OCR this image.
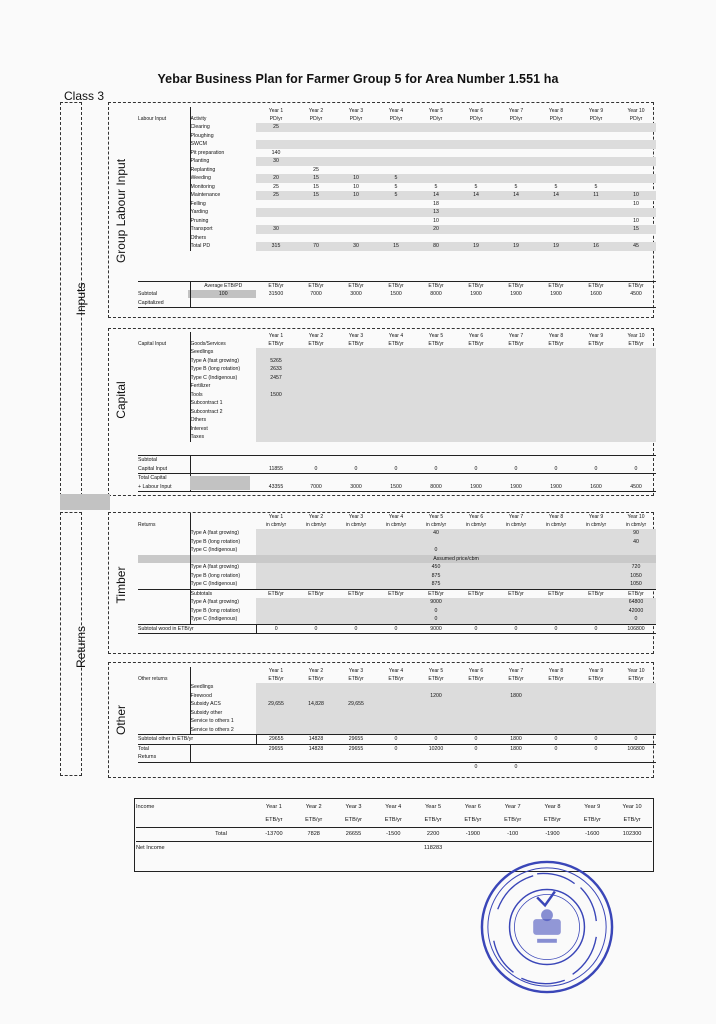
Yebar Business Plan for Farmer Group 5 for Area Number 1.551 ha
Class 3
Inputs
Returns
Group Labour Input
Capital
Timber
Other
		Year 1	Year 2	Year 3	Year 4	Year 5	Year 6	Year 7	Year 8	Year 9	Year 10
Labour Input	Activity	PD/yr	PD/yr	PD/yr	PD/yr	PD/yr	PD/yr	PD/yr	PD/yr	PD/yr	PD/yr
	Clearing	25									
	Ploughing										
	SWCM										
	Pit preparation	140									
	Planting	30									
	Replanting		25								
	Weeding	20	15	10	5						
	Monitoring	25	15	10	5	5	5	5	5	5	
	Maintenance	25	15	10	5	14	14	14	14	11	10
	Felling					18					10
	Yarding					13					
	Pruning					10					10
	Transport	30				20					15
	Others										
	Total PD	315	70	30	15	80	19	19	19	16	45
	Average ETB/PD	ETB/yr	ETB/yr	ETB/yr	ETB/yr	ETB/yr	ETB/yr	ETB/yr	ETB/yr	ETB/yr	ETB/yr
Subtotal	100	31500	7000	3000	1500	8000	1900	1900	1900	1600	4500
Capitalized											
		Year 1	Year 2	Year 3	Year 4	Year 5	Year 6	Year 7	Year 8	Year 9	Year 10
Capital Input	Goods/Services	ETB/yr	ETB/yr	ETB/yr	ETB/yr	ETB/yr	ETB/yr	ETB/yr	ETB/yr	ETB/yr	ETB/yr
	Seedlings										
	Type A (fast growing)	5265									
	Type B (long rotation)	2633									
	Type C (Indigenous)	2457									
	Fertilizer										
	Tools	1500									
	Subcontract 1										
	Subcontract 2										
	Others										
	Interest										
	Taxes										
Subtotal											
Capital Input		11855	0	0	0	0	0	0	0	0	0
Total Capital											
+ Labour Input		43355	7000	3000	1500	8000	1900	1900	1900	1600	4500
		Year 1	Year 2	Year 3	Year 4	Year 5	Year 6	Year 7	Year 8	Year 9	Year 10
Returns		in cbm/yr	in cbm/yr	in cbm/yr	in cbm/yr	in cbm/yr	in cbm/yr	in cbm/yr	in cbm/yr	in cbm/yr	in cbm/yr
	Type A (fast growing)					40					90
	Type B (long rotation)										40
	Type C (Indigenous)					0					
		Assumed price/cbm									
	Type A (fast growing)					450					720
	Type B (long rotation)					875					1050
	Type C (Indigenous)					875					1050
	Subtotals	ETB/yr	ETB/yr	ETB/yr	ETB/yr	ETB/yr	ETB/yr	ETB/yr	ETB/yr	ETB/yr	ETB/yr
	Type A (fast growing)					9000					64800
	Type B (long rotation)					0					42000
	Type C (Indigenous)					0					0
Subtotal wood in ETB/yr		0	0	0	0	9000	0	0	0	0	106800
		Year 1	Year 2	Year 3	Year 4	Year 5	Year 6	Year 7	Year 8	Year 9	Year 10
Other returns		ETB/yr	ETB/yr	ETB/yr	ETB/yr	ETB/yr	ETB/yr	ETB/yr	ETB/yr	ETB/yr	ETB/yr
	Seedlings										
	Firewood					1200		1800			
	Subsidy ACS	29,655	14,828	29,655							
	Subsidy other										
	Service to others 1										
	Service to others 2										
Subtotal other in ETB/yr		29655	14828	29655	0	0	0	1800	0	0	0
Total		29655	14828	29655	0	10200	0	1800	0	0	106800
Returns											
							0	0			
Income		Year 1	Year 2	Year 3	Year 4	Year 5	Year 6	Year 7	Year 8	Year 9	Year 10
		ETB/yr	ETB/yr	ETB/yr	ETB/yr	ETB/yr	ETB/yr	ETB/yr	ETB/yr	ETB/yr	ETB/yr
	Total	-13700	7828	26655	-1500	2200	-1900	-100	-1900	-1600	102300
Net Income						118283					
